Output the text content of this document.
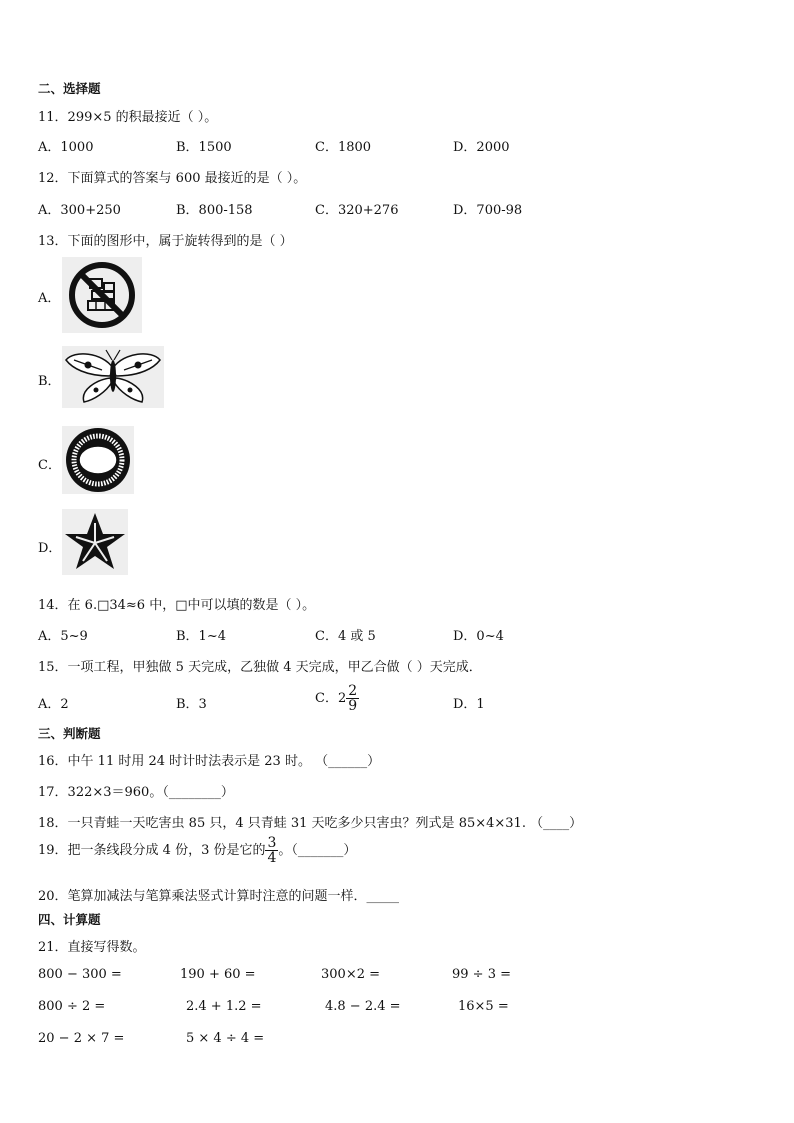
二、选择题
11．299×5 的积最接近（ ）。
A．1000	B．1500	C．1800	D．2000
12．下面算式的答案与 600 最接近的是（ ）。
A．300+250	B．800-158	C．320+276	D．700-98
13．下面的图形中，属于旋转得到的是（ ）
A．
B．
C．
D．
14．在 6.□34≈6 中，□中可以填的数是（ ）。
A．5~9	B．1~4	C．4 或 5	D．0~4
15．一项工程，甲独做 5 天完成，乙独做 4 天完成，甲乙合做（ ）天完成．
A．2	B．3	C．$2 \frac{2}{9}$	D．1
三、判断题
16．中午 11 时用 24 时计时法表示是 23 时。 （______）
17．322×3＝960。（________）
18．一只青蛙一天吃害虫 85 只，4 只青蛙 31 天吃多少只害虫？列式是 85×4×31. （____）
19．把一条线段分成 4 份，3 份是它的 $\frac{3}{4}$ 。（_______）
20．笔算加减法与笔算乘法竖式计算时注意的问题一样．_____
四、计算题
21．直接写得数。
800 − 300 =	190 + 60 =	300×2 =	99 ÷ 3 =
800 ÷ 2 =	2.4 + 1.2 =	4.8 − 2.4 =	16×5 =
20 − 2 × 7 =	5 × 4 ÷ 4 =
